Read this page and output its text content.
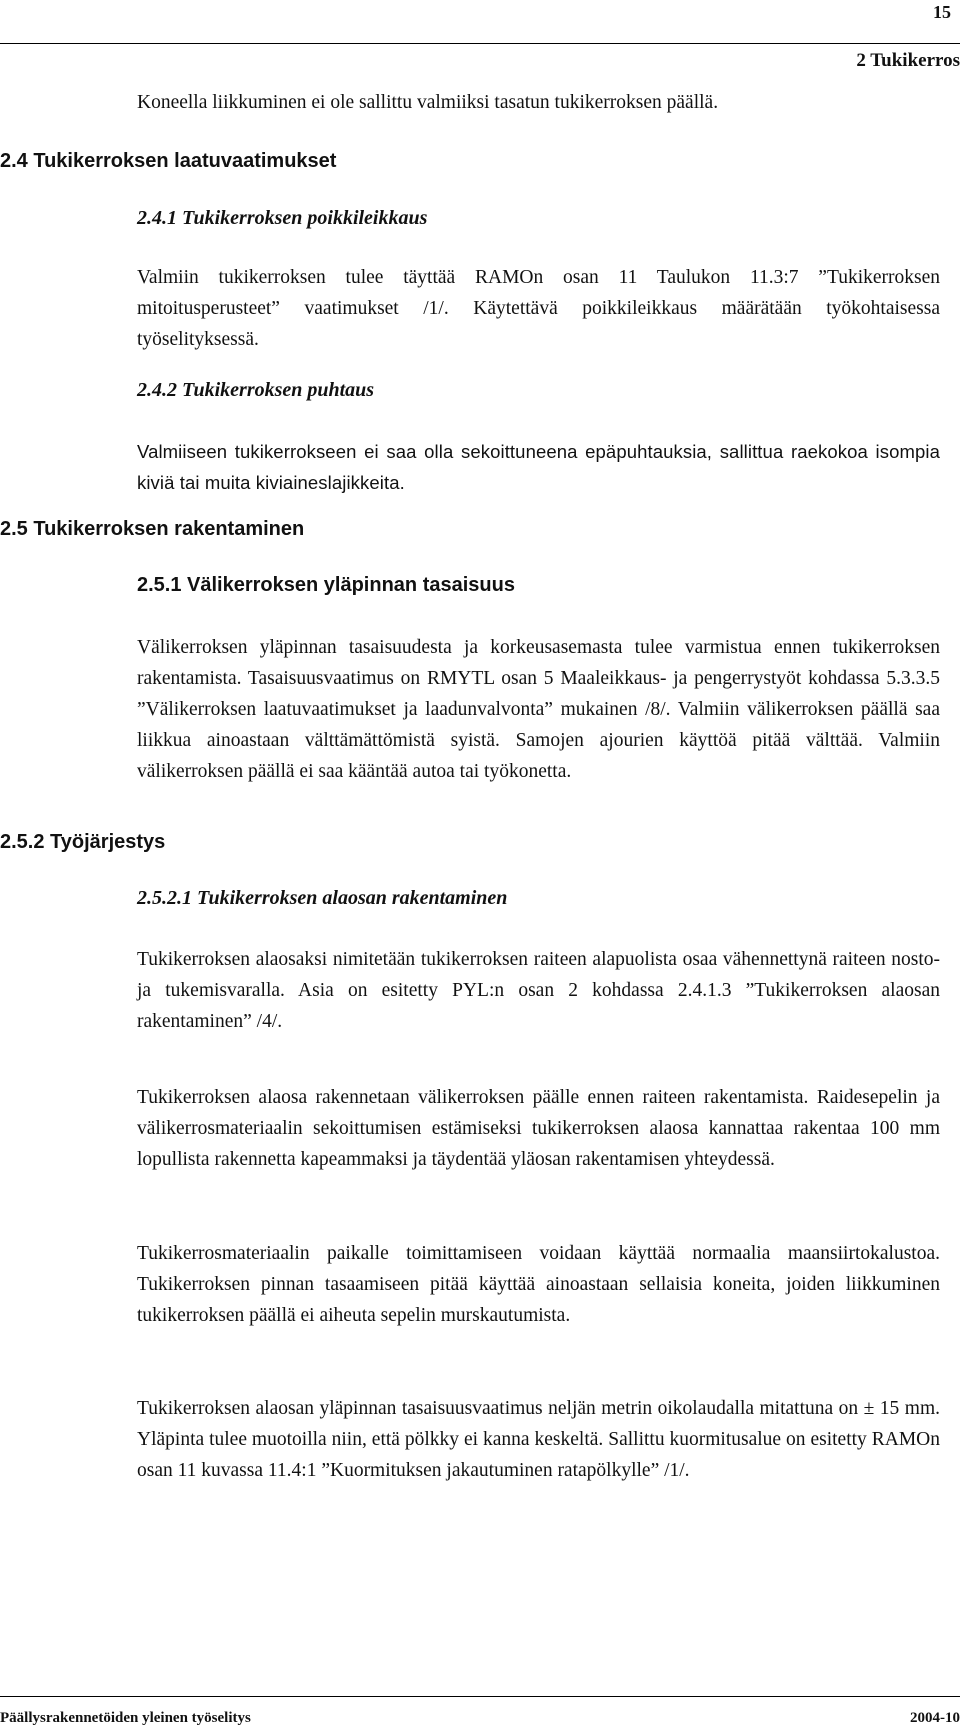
15
2 Tukikerros

Koneella liikkuminen ei ole sallittu valmiiksi tasatun tukikerroksen päällä.

2.4 Tukikerroksen laatuvaatimukset
2.4.1 Tukikerroksen poikkileikkaus

Valmiin tukikerroksen tulee täyttää RAMOn osan 11 Taulukon 11.3:7 ”Tukikerroksen mitoitusperusteet” vaatimukset /1/. Käytettävä poikkileikkaus määrätään työkohtaisessa työselityksessä.

2.4.2 Tukikerroksen puhtaus

Valmiiseen tukikerrokseen ei saa olla sekoittuneena epäpuhtauksia, sallittua raekokoa isompia kiviä tai muita kiviaineslajikkeita.

2.5 Tukikerroksen rakentaminen
2.5.1 Välikerroksen yläpinnan tasaisuus

Välikerroksen yläpinnan tasaisuudesta ja korkeusasemasta tulee varmistua ennen tukikerroksen rakentamista. Tasaisuusvaatimus on RMYTL osan 5 Maaleikkaus- ja pengerrystyöt kohdassa 5.3.3.5 ”Välikerroksen laatuvaatimukset ja laadunvalvonta” mukainen /8/. Valmiin välikerroksen päällä saa liikkua ainoastaan välttämättömistä syistä. Samojen ajourien käyttöä pitää välttää. Valmiin välikerroksen päällä ei saa kääntää autoa tai työkonetta.

2.5.2 Työjärjestys
2.5.2.1 Tukikerroksen alaosan rakentaminen

Tukikerroksen alaosaksi nimitetään tukikerroksen raiteen alapuolista osaa vähennettynä raiteen nosto- ja tukemisvaralla. Asia on esitetty PYL:n osan 2 kohdassa 2.4.1.3 ”Tukikerroksen alaosan rakentaminen” /4/.

Tukikerroksen alaosa rakennetaan välikerroksen päälle ennen raiteen rakentamista. Raidesepelin ja välikerrosmateriaalin sekoittumisen estämiseksi tukikerroksen alaosa kannattaa rakentaa 100 mm lopullista rakennetta kapeammaksi ja täydentää yläosan rakentamisen yhteydessä.

Tukikerrosmateriaalin paikalle toimittamiseen voidaan käyttää normaalia maansiirtokalustoa. Tukikerroksen pinnan tasaamiseen pitää käyttää ainoastaan sellaisia koneita, joiden liikkuminen tukikerroksen päällä ei aiheuta sepelin murskautumista.

Tukikerroksen alaosan yläpinnan tasaisuusvaatimus neljän metrin oikolaudalla mitattuna on ± 15 mm. Yläpinta tulee muotoilla niin, että pölkky ei kanna keskeltä. Sallittu kuormitusalue on esitetty RAMOn osan 11 kuvassa 11.4:1 ”Kuormituksen jakautuminen ratapölkylle” /1/.

Päällysrakennetöiden yleinen työselitys	2004-10
